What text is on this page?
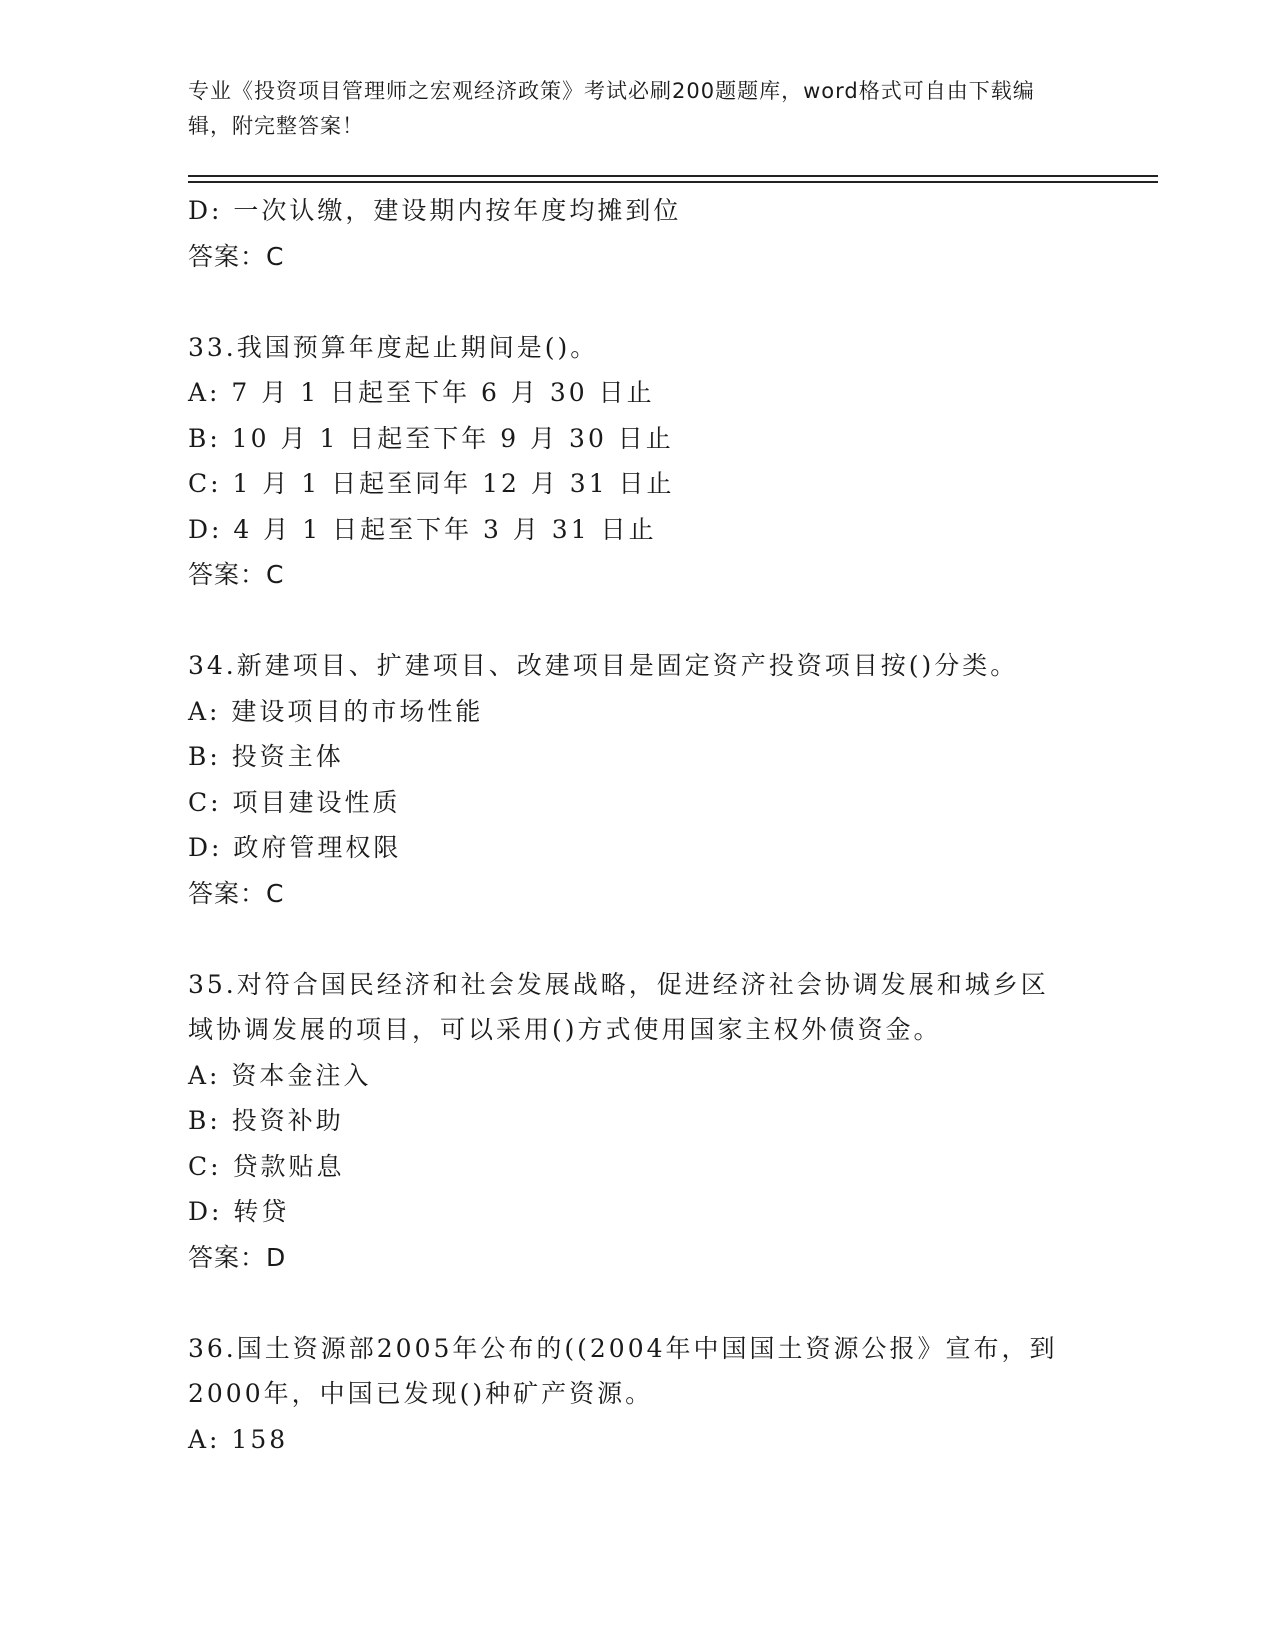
专业《投资项目管理师之宏观经济政策》考试必刷200题题库，word格式可自由下载编辑，附完整答案！
D: 一次认缴，建设期内按年度均摊到位
答案：C
33.我国预算年度起止期间是()。
A: 7 月 1 日起至下年 6 月 30 日止
B: 10 月 1 日起至下年 9 月 30 日止
C: 1 月 1 日起至同年 12 月 31 日止
D: 4 月 1 日起至下年 3 月 31 日止
答案：C
34.新建项目、扩建项目、改建项目是固定资产投资项目按()分类。
A: 建设项目的市场性能
B: 投资主体
C: 项目建设性质
D: 政府管理权限
答案：C
35.对符合国民经济和社会发展战略，促进经济社会协调发展和城乡区域协调发展的项目，可以采用()方式使用国家主权外债资金。
A: 资本金注入
B: 投资补助
C: 贷款贴息
D: 转贷
答案：D
36.国土资源部2005年公布的((2004年中国国土资源公报》宣布，到2000年，中国已发现()种矿产资源。
A: 158
